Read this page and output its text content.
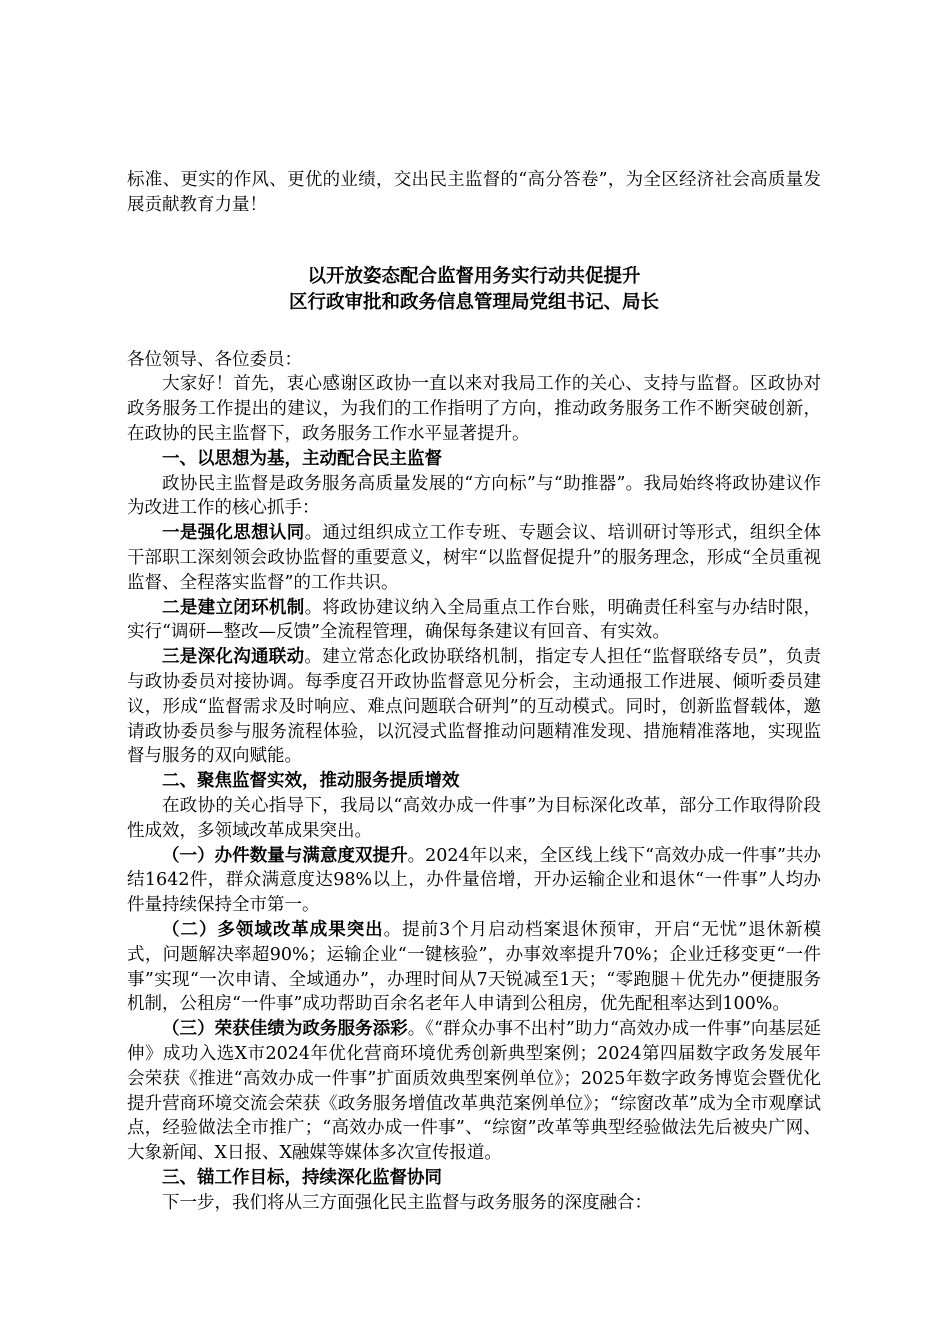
标准、更实的作风、更优的业绩，交出民主监督的“高分答卷”，为全区经济社会高质量发展贡献教育力量！

以开放姿态配合监督用务实行动共促提升

区行政审批和政务信息管理局党组书记、局长

各位领导、各位委员：

大家好！首先，衷心感谢区政协一直以来对我局工作的关心、支持与监督。区政协对政务服务工作提出的建议，为我们的工作指明了方向，推动政务服务工作不断突破创新，在政协的民主监督下，政务服务工作水平显著提升。

一、以思想为基，主动配合民主监督

政协民主监督是政务服务高质量发展的“方向标”与“助推器”。我局始终将政协建议作为改进工作的核心抓手：

一是强化思想认同。通过组织成立工作专班、专题会议、培训研讨等形式，组织全体干部职工深刻领会政协监督的重要意义，树牢“以监督促提升”的服务理念，形成“全员重视监督、全程落实监督”的工作共识。

二是建立闭环机制。将政协建议纳入全局重点工作台账，明确责任科室与办结时限，实行“调研—整改—反馈”全流程管理，确保每条建议有回音、有实效。

三是深化沟通联动。建立常态化政协联络机制，指定专人担任“监督联络专员”，负责与政协委员对接协调。每季度召开政协监督意见分析会，主动通报工作进展、倾听委员建议，形成“监督需求及时响应、难点问题联合研判”的互动模式。同时，创新监督载体，邀请政协委员参与服务流程体验，以沉浸式监督推动问题精准发现、措施精准落地，实现监督与服务的双向赋能。

二、聚焦监督实效，推动服务提质增效

在政协的关心指导下，我局以“高效办成一件事”为目标深化改革，部分工作取得阶段性成效，多领域改革成果突出。

（一）办件数量与满意度双提升。2024年以来，全区线上线下“高效办成一件事”共办结1642件，群众满意度达98%以上，办件量倍增，开办运输企业和退休“一件事”人均办件量持续保持全市第一。

（二）多领域改革成果突出。提前3个月启动档案退休预审，开启“无忧”退休新模式，问题解决率超90%；运输企业“一键核验”，办事效率提升70%；企业迁移变更“一件事”实现“一次申请、全域通办”，办理时间从7天锐减至1天；“零跑腿＋优先办”便捷服务机制，公租房“一件事”成功帮助百余名老年人申请到公租房，优先配租率达到100%。

（三）荣获佳绩为政务服务添彩。《“群众办事不出村”助力“高效办成一件事”向基层延伸》成功入选X市2024年优化营商环境优秀创新典型案例；2024第四届数字政务发展年会荣获《推进“高效办成一件事”扩面质效典型案例单位》；2025年数字政务博览会暨优化提升营商环境交流会荣获《政务服务增值改革典范案例单位》；“综窗改革”成为全市观摩试点，经验做法全市推广；“高效办成一件事”、“综窗”改革等典型经验做法先后被央广网、大象新闻、X日报、X融媒等媒体多次宣传报道。

三、锚工作目标，持续深化监督协同

下一步，我们将从三方面强化民主监督与政务服务的深度融合：
